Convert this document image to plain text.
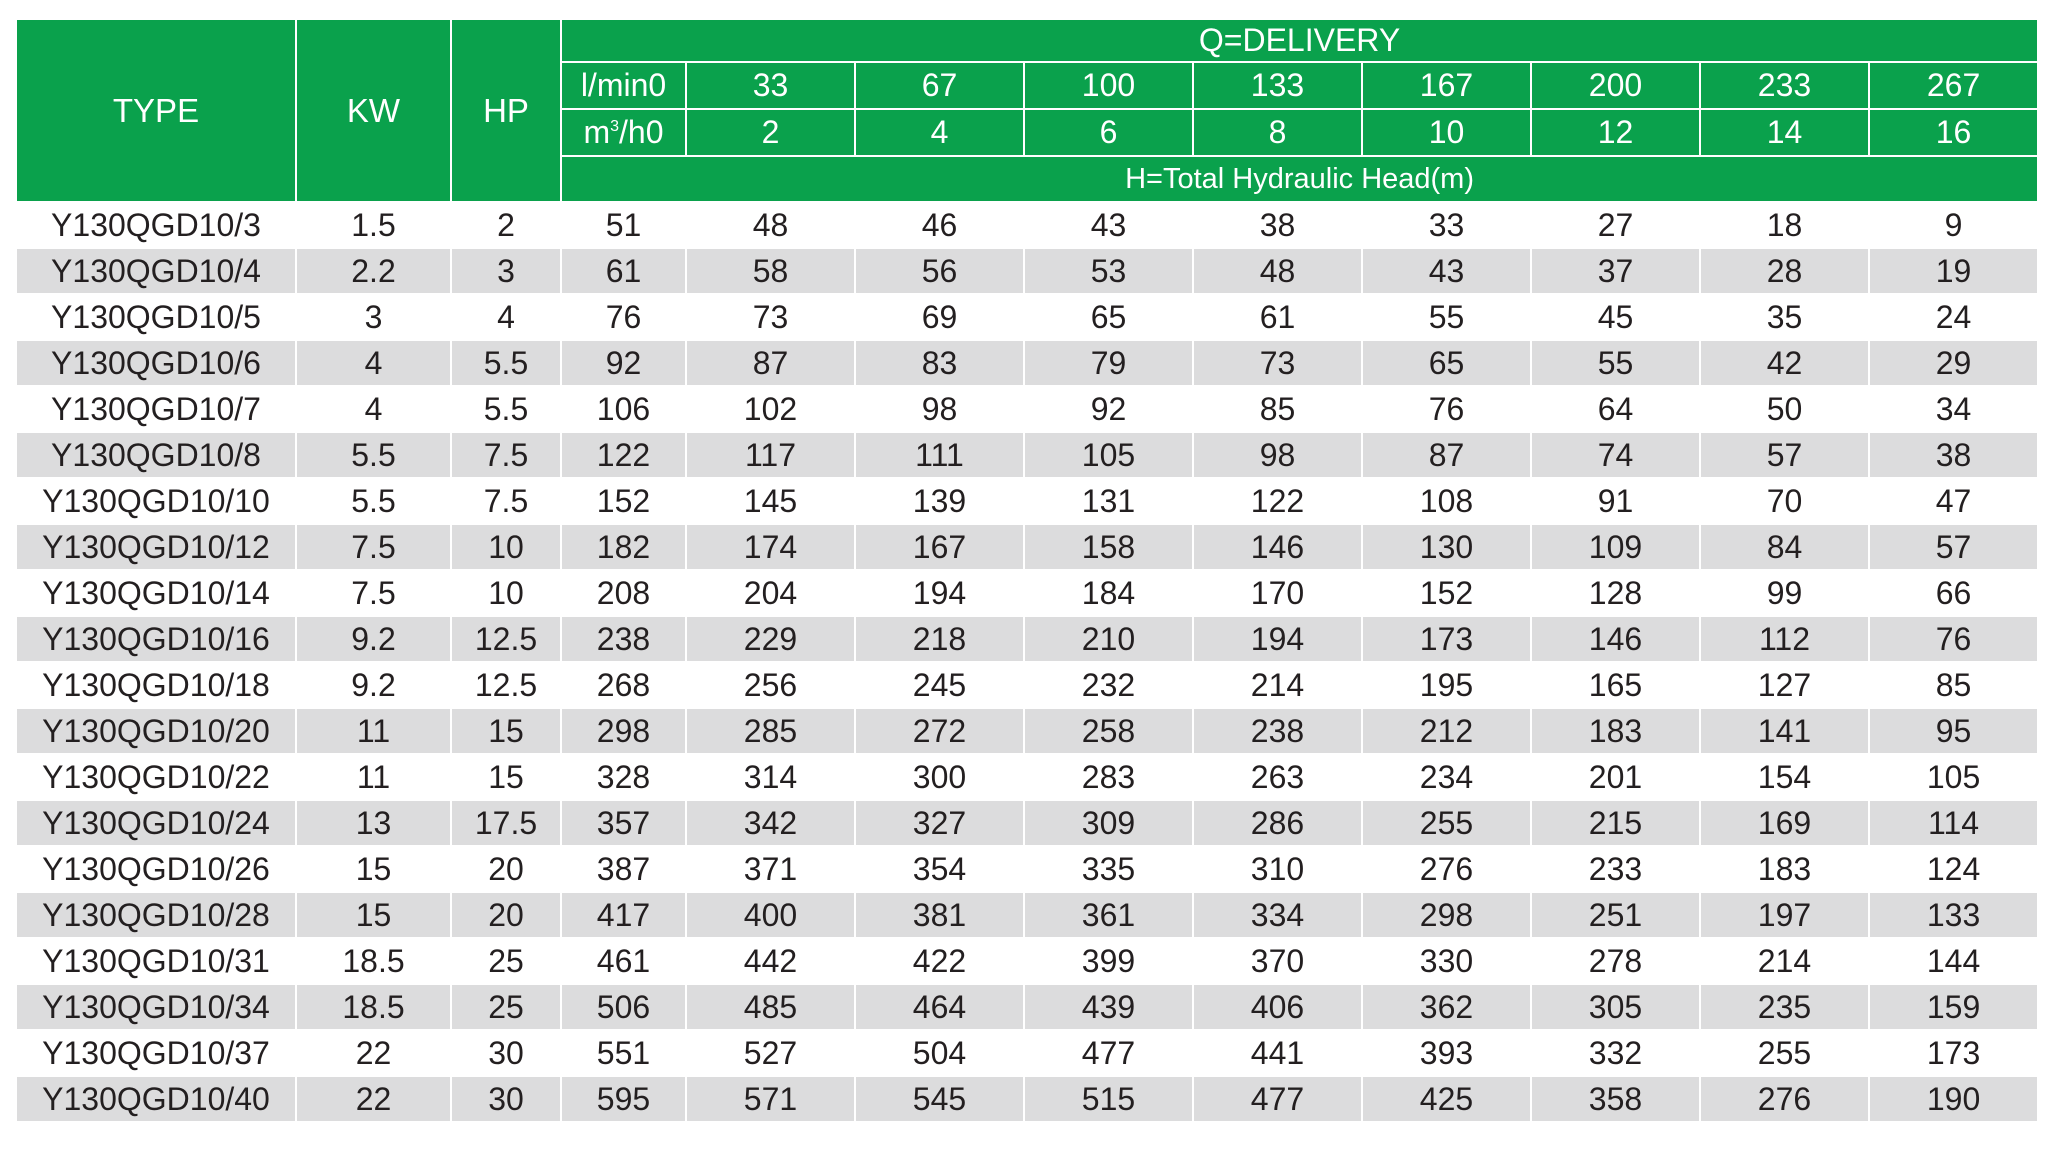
TYPE	KW	HP	Q=DELIVERY								
			l/min0	33	67	100	133	167	200	233	267
			$m^3/h0$	2	4	6	8	10	12	14	16
			H=Total Hydraulic Head(m)								
Y130QGD10/3	1.5	2	51	48	46	43	38	33	27	18	9
Y130QGD10/4	2.2	3	61	58	56	53	48	43	37	28	19
Y130QGD10/5	3	4	76	73	69	65	61	55	45	35	24
Y130QGD10/6	4	5.5	92	87	83	79	73	65	55	42	29
Y130QGD10/7	4	5.5	106	102	98	92	85	76	64	50	34
Y130QGD10/8	5.5	7.5	122	117	111	105	98	87	74	57	38
Y130QGD10/10	5.5	7.5	152	145	139	131	122	108	91	70	47
Y130QGD10/12	7.5	10	182	174	167	158	146	130	109	84	57
Y130QGD10/14	7.5	10	208	204	194	184	170	152	128	99	66
Y130QGD10/16	9.2	12.5	238	229	218	210	194	173	146	112	76
Y130QGD10/18	9.2	12.5	268	256	245	232	214	195	165	127	85
Y130QGD10/20	11	15	298	285	272	258	238	212	183	141	95
Y130QGD10/22	11	15	328	314	300	283	263	234	201	154	105
Y130QGD10/24	13	17.5	357	342	327	309	286	255	215	169	114
Y130QGD10/26	15	20	387	371	354	335	310	276	233	183	124
Y130QGD10/28	15	20	417	400	381	361	334	298	251	197	133
Y130QGD10/31	18.5	25	461	442	422	399	370	330	278	214	144
Y130QGD10/34	18.5	25	506	485	464	439	406	362	305	235	159
Y130QGD10/37	22	30	551	527	504	477	441	393	332	255	173
Y130QGD10/40	22	30	595	571	545	515	477	425	358	276	190
